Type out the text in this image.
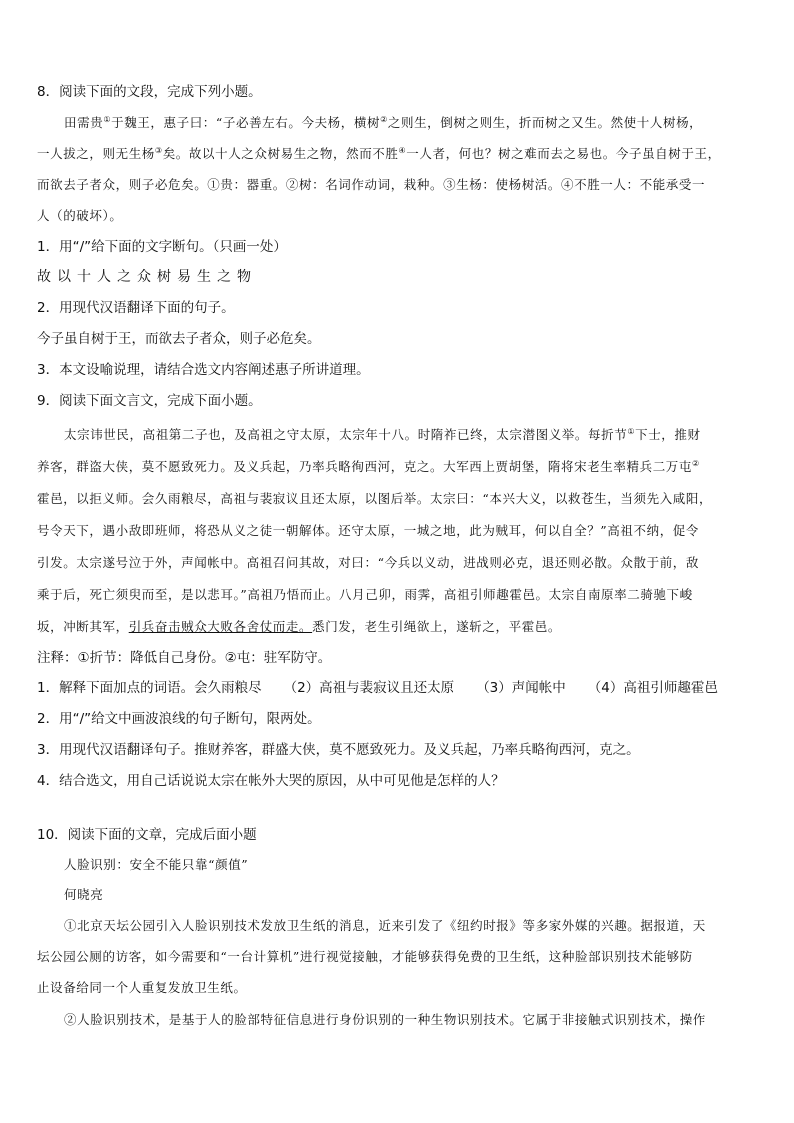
8．阅读下面的文段，完成下列小题。
田需贵①于魏王，惠子曰：“子必善左右。今夫杨，横树②之则生，倒树之则生，折而树之又生。然使十人树杨，
一人拔之，则无生杨③矣。故以十人之众树易生之物，然而不胜④一人者，何也？树之难而去之易也。今子虽自树于王，
而欲去子者众，则子必危矣。①贵：器重。②树：名词作动词，栽种。③生杨：使杨树活。④不胜一人：不能承受一
人（的破坏）。
1．用“/”给下面的文字断句。（只画一处）
故以十人之众树易生之物
2．用现代汉语翻译下面的句子。
今子虽自树于王，而欲去子者众，则子必危矣。
3．本文设喻说理，请结合选文内容阐述惠子所讲道理。
9．阅读下面文言文，完成下面小题。
太宗讳世民，高祖第二子也，及高祖之守太原，太宗年十八。时隋祚已终，太宗潜图义举。每折节①下士，推财
养客，群盗大侠，莫不愿致死力。及义兵起，乃率兵略徇西河，克之。大军西上贾胡堡，隋将宋老生率精兵二万屯②
霍邑，以拒义师。会久雨粮尽，高祖与裴寂议且还太原，以图后举。太宗曰：“本兴大义，以救苍生，当须先入咸阳，
号令天下，遇小敌即班师，将恐从义之徒一朝解体。还守太原，一城之地，此为贼耳，何以自全？”高祖不纳，促令
引发。太宗遂号泣于外，声闻帐中。高祖召问其故，对曰：“今兵以义动，进战则必克，退还则必散。众散于前，敌
乘于后，死亡须臾而至，是以悲耳。”高祖乃悟而止。八月己卯，雨霁，高祖引师趣霍邑。太宗自南原率二骑驰下峻
坂，冲断其军，引兵奋击贼众大败各舍仗而走。悉门发，老生引绳欲上，遂斩之，平霍邑。
注释：①折节：降低自己身份。②屯：驻军防守。
1．解释下面加点的词语。会久雨粮尽 （2）高祖与裴寂议且还太原 （3）声闻帐中 （4）高祖引师趣霍邑
2．用“/”给文中画波浪线的句子断句，限两处。
3．用现代汉语翻译句子。推财养客，群盛大侠，莫不愿致死力。及义兵起，乃率兵略徇西河，克之。
4．结合选文，用自己话说说太宗在帐外大哭的原因，从中可见他是怎样的人？
10．阅读下面的文章，完成后面小题
人脸识别：安全不能只靠“颜值”
何晓亮
①北京天坛公园引入人脸识别技术发放卫生纸的消息，近来引发了《纽约时报》等多家外媒的兴趣。据报道，天
坛公园公厕的访客，如今需要和“一台计算机”进行视觉接触，才能够获得免费的卫生纸，这种脸部识别技术能够防
止设备给同一个人重复发放卫生纸。
②人脸识别技术，是基于人的脸部特征信息进行身份识别的一种生物识别技术。它属于非接触式识别技术，操作
